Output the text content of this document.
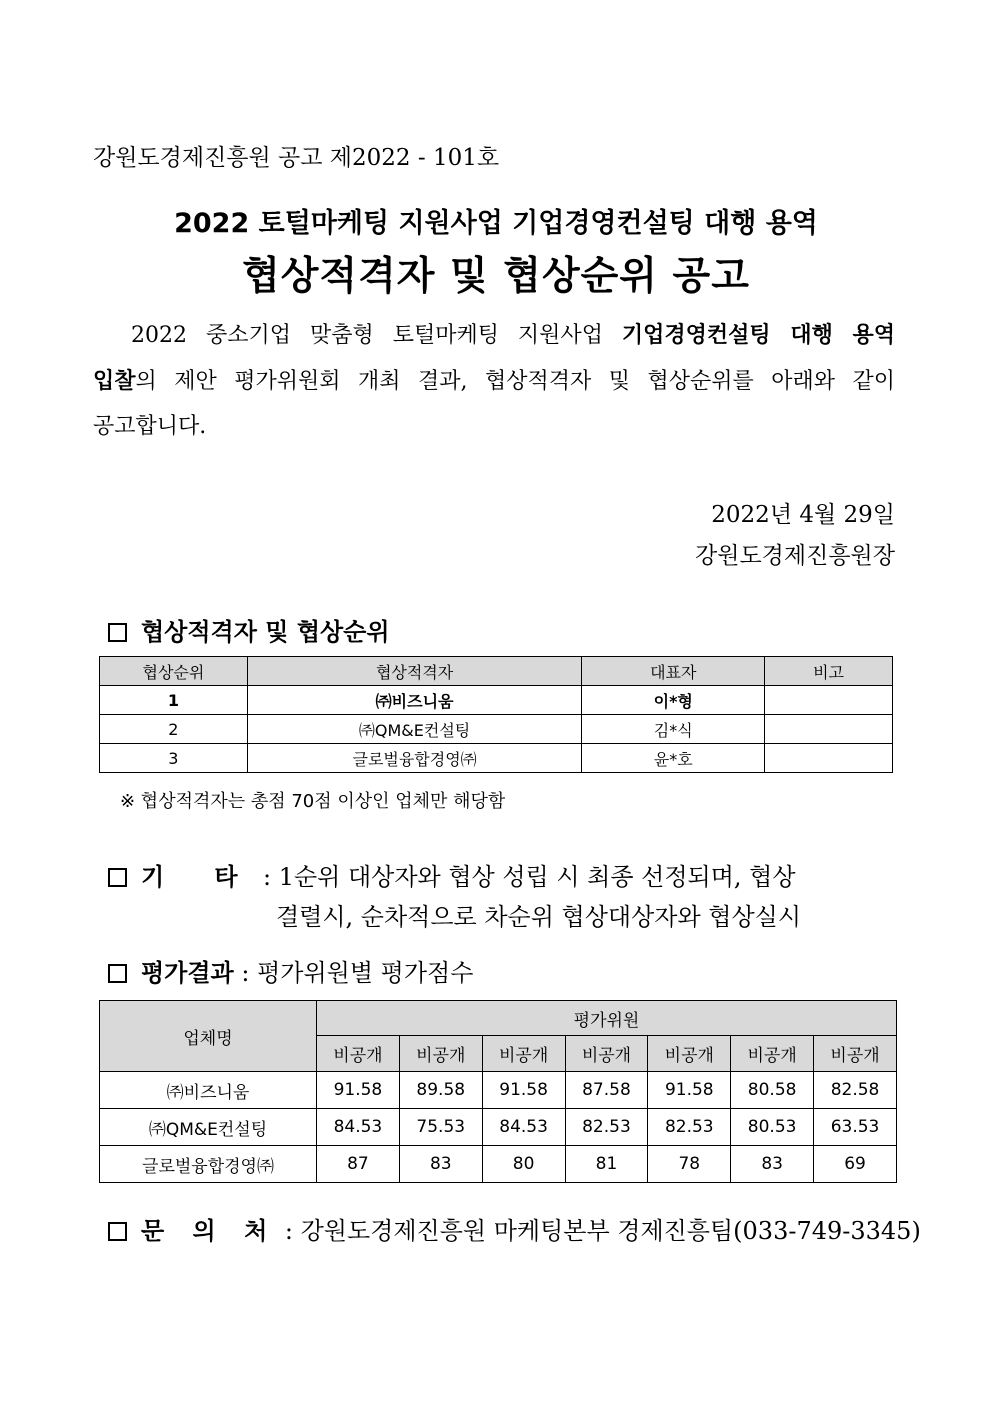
강원도경제진흥원 공고 제2022 - 101호
2022 토털마케팅 지원사업 기업경영컨설팅 대행 용역
협상적격자 및 협상순위 공고
2022 중소기업 맞춤형 토털마케팅 지원사업 기업경영컨설팅 대행 용역
입찰의 제안 평가위원회 개최 결과, 협상적격자 및 협상순위를 아래와 같이
공고합니다.
2022년 4월 29일
강원도경제진흥원장
협상적격자 및 협상순위
협상순위	협상적격자	대표자	비고
1	㈜비즈니움	이*형	
2	㈜QM&E컨설팅	김*식	
3	글로벌융합경영㈜	윤*호	
※ 협상적격자는 총점 70점 이상인 업체만 해당함
기      타 : 1순위 대상자와 협상 성립 시 최종 선정되며, 협상
결렬시, 순차적으로 차순위 협상대상자와 협상실시
평가결과 : 평가위원별 평가점수
업체명	평가위원						
	비공개	비공개	비공개	비공개	비공개	비공개	비공개
㈜비즈니움	91.58	89.58	91.58	87.58	91.58	80.58	82.58
㈜QM&E컨설팅	84.53	75.53	84.53	82.53	82.53	80.53	63.53
글로벌융합경영㈜	87	83	80	81	78	83	69
문 의 처 : 강원도경제진흥원 마케팅본부 경제진흥팀(033-749-3345)
